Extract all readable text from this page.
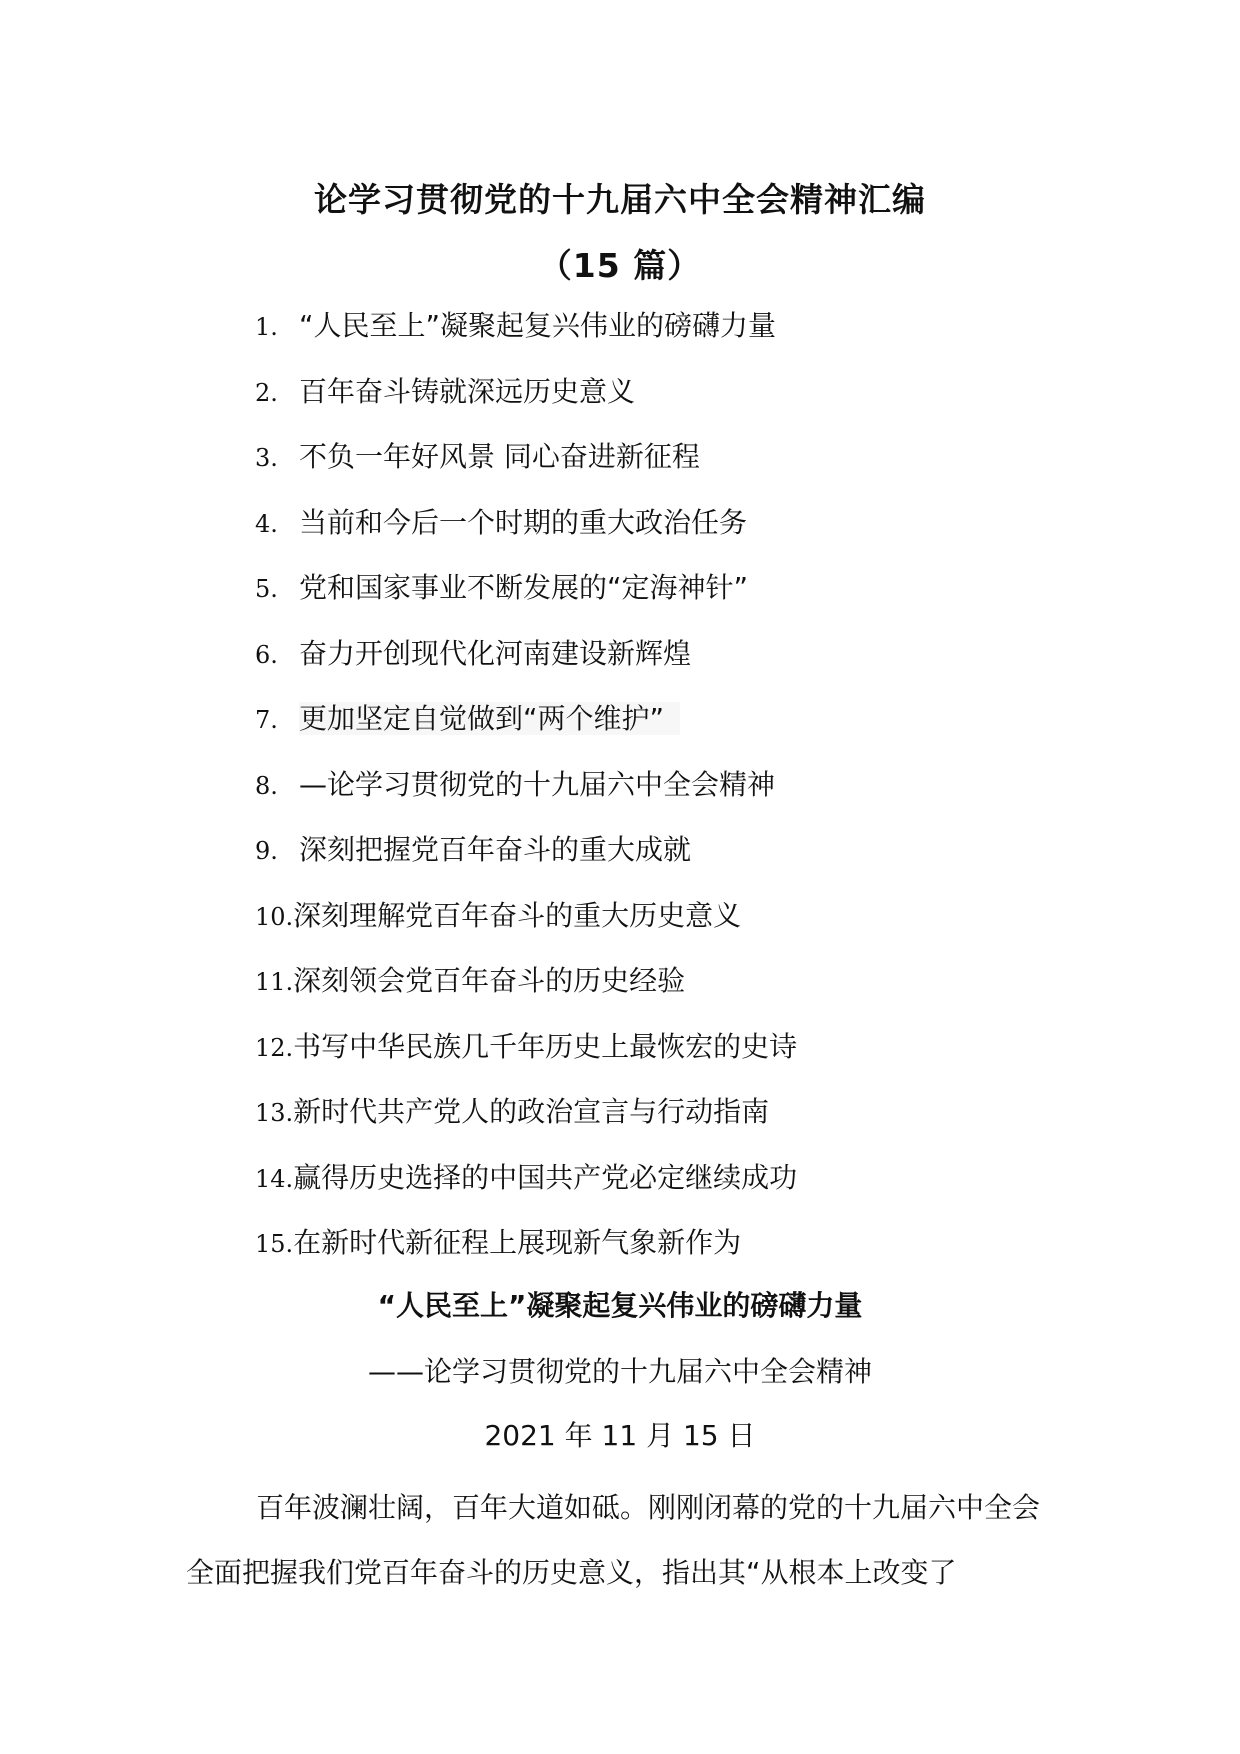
论学习贯彻党的十九届六中全会精神汇编
（15 篇）
1. “人民至上”凝聚起复兴伟业的磅礴力量
2. 百年奋斗铸就深远历史意义
3. 不负一年好风景 同心奋进新征程
4. 当前和今后一个时期的重大政治任务
5. 党和国家事业不断发展的“定海神针”
6. 奋力开创现代化河南建设新辉煌
7. 更加坚定自觉做到“两个维护”
8. —论学习贯彻党的十九届六中全会精神
9. 深刻把握党百年奋斗的重大成就
10.深刻理解党百年奋斗的重大历史意义
11.深刻领会党百年奋斗的历史经验
12.书写中华民族几千年历史上最恢宏的史诗
13.新时代共产党人的政治宣言与行动指南
14.赢得历史选择的中国共产党必定继续成功
15.在新时代新征程上展现新气象新作为
“人民至上”凝聚起复兴伟业的磅礴力量
——论学习贯彻党的十九届六中全会精神
2021 年 11 月 15 日

百年波澜壮阔，百年大道如砥。刚刚闭幕的党的十九届六中全会全面把握我们党百年奋斗的历史意义，指出其“从根本上改变了
